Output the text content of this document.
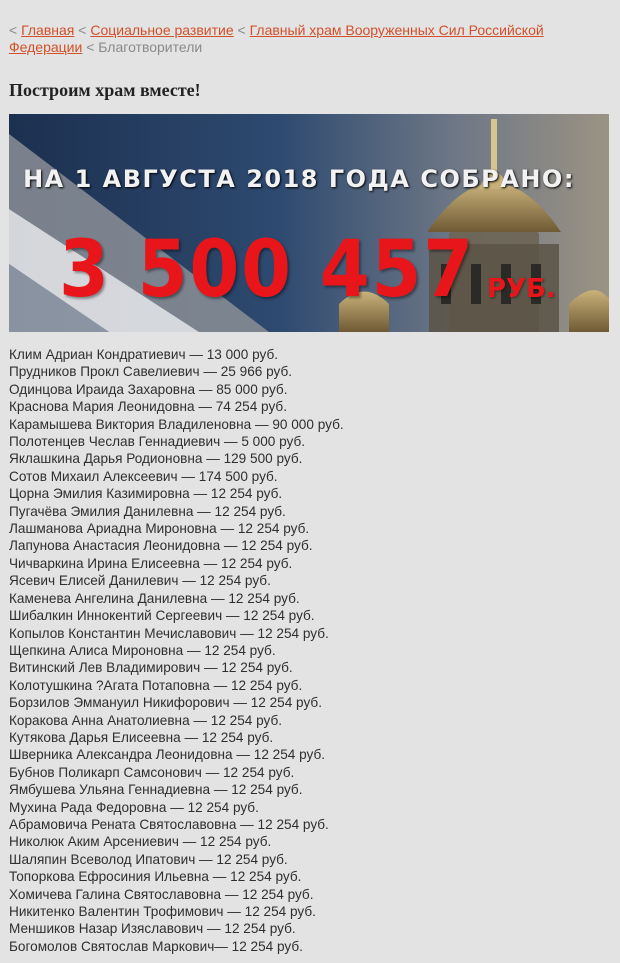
< Главная < Социальное развитие < Главный храм Вооруженных Сил Российской Федерации < Благотворители
Построим храм вместе!
НА 1 АВГУСТА 2018 ГОДА СОБРАНО:
3 500 457 РУБ.
Клим Адриан Кондратиевич — 13 000 руб.
Прудников Прокл Савелиевич — 25 966 руб.
Одинцова Ираида Захаровна — 85 000 руб.
Краснова Мария Леонидовна — 74 254 руб.
Карамышева Виктория Владиленовна — 90 000 руб.
Полотенцев Чеслав Геннадиевич — 5 000 руб.
Яклашкина Дарья Родионовна — 129 500 руб.
Сотов Михаил Алексеевич — 174 500 руб.
Цорна Эмилия Казимировна — 12 254 руб.
Пугачёва Эмилия Данилевна — 12 254 руб.
Лашманова Ариадна Мироновна — 12 254 руб.
Лапунова Анастасия Леонидовна — 12 254 руб.
Чичваркина Ирина Елисеевна — 12 254 руб.
Ясевич Елисей Данилевич — 12 254 руб.
Каменева Ангелина Данилевна — 12 254 руб.
Шибалкин Иннокентий Сергеевич — 12 254 руб.
Копылов Константин Мечиславович — 12 254 руб.
Щепкина Алиса Мироновна — 12 254 руб.
Витинский Лев Владимирович — 12 254 руб.
Колотушкина ?Агата Потаповна — 12 254 руб.
Борзилов Эммануил Никифорович — 12 254 руб.
Коракова Анна Анатолиевна — 12 254 руб.
Кутякова Дарья Елисеевна — 12 254 руб.
Шверника Александра Леонидовна — 12 254 руб.
Бубнов Поликарп Самсонович — 12 254 руб.
Ямбушева Ульяна Геннадиевна — 12 254 руб.
Мухина Рада Федоровна — 12 254 руб.
Абрамовича Рената Святославовна — 12 254 руб.
Николюк Аким Арсениевич — 12 254 руб.
Шаляпин Всеволод Ипатович — 12 254 руб.
Топоркова Ефросиния Ильевна — 12 254 руб.
Хомичева Галина Святославовна — 12 254 руб.
Никитенко Валентин Трофимович — 12 254 руб.
Меншиков Назар Изяславович — 12 254 руб.
Богомолов Святослав Маркович— 12 254 руб.
